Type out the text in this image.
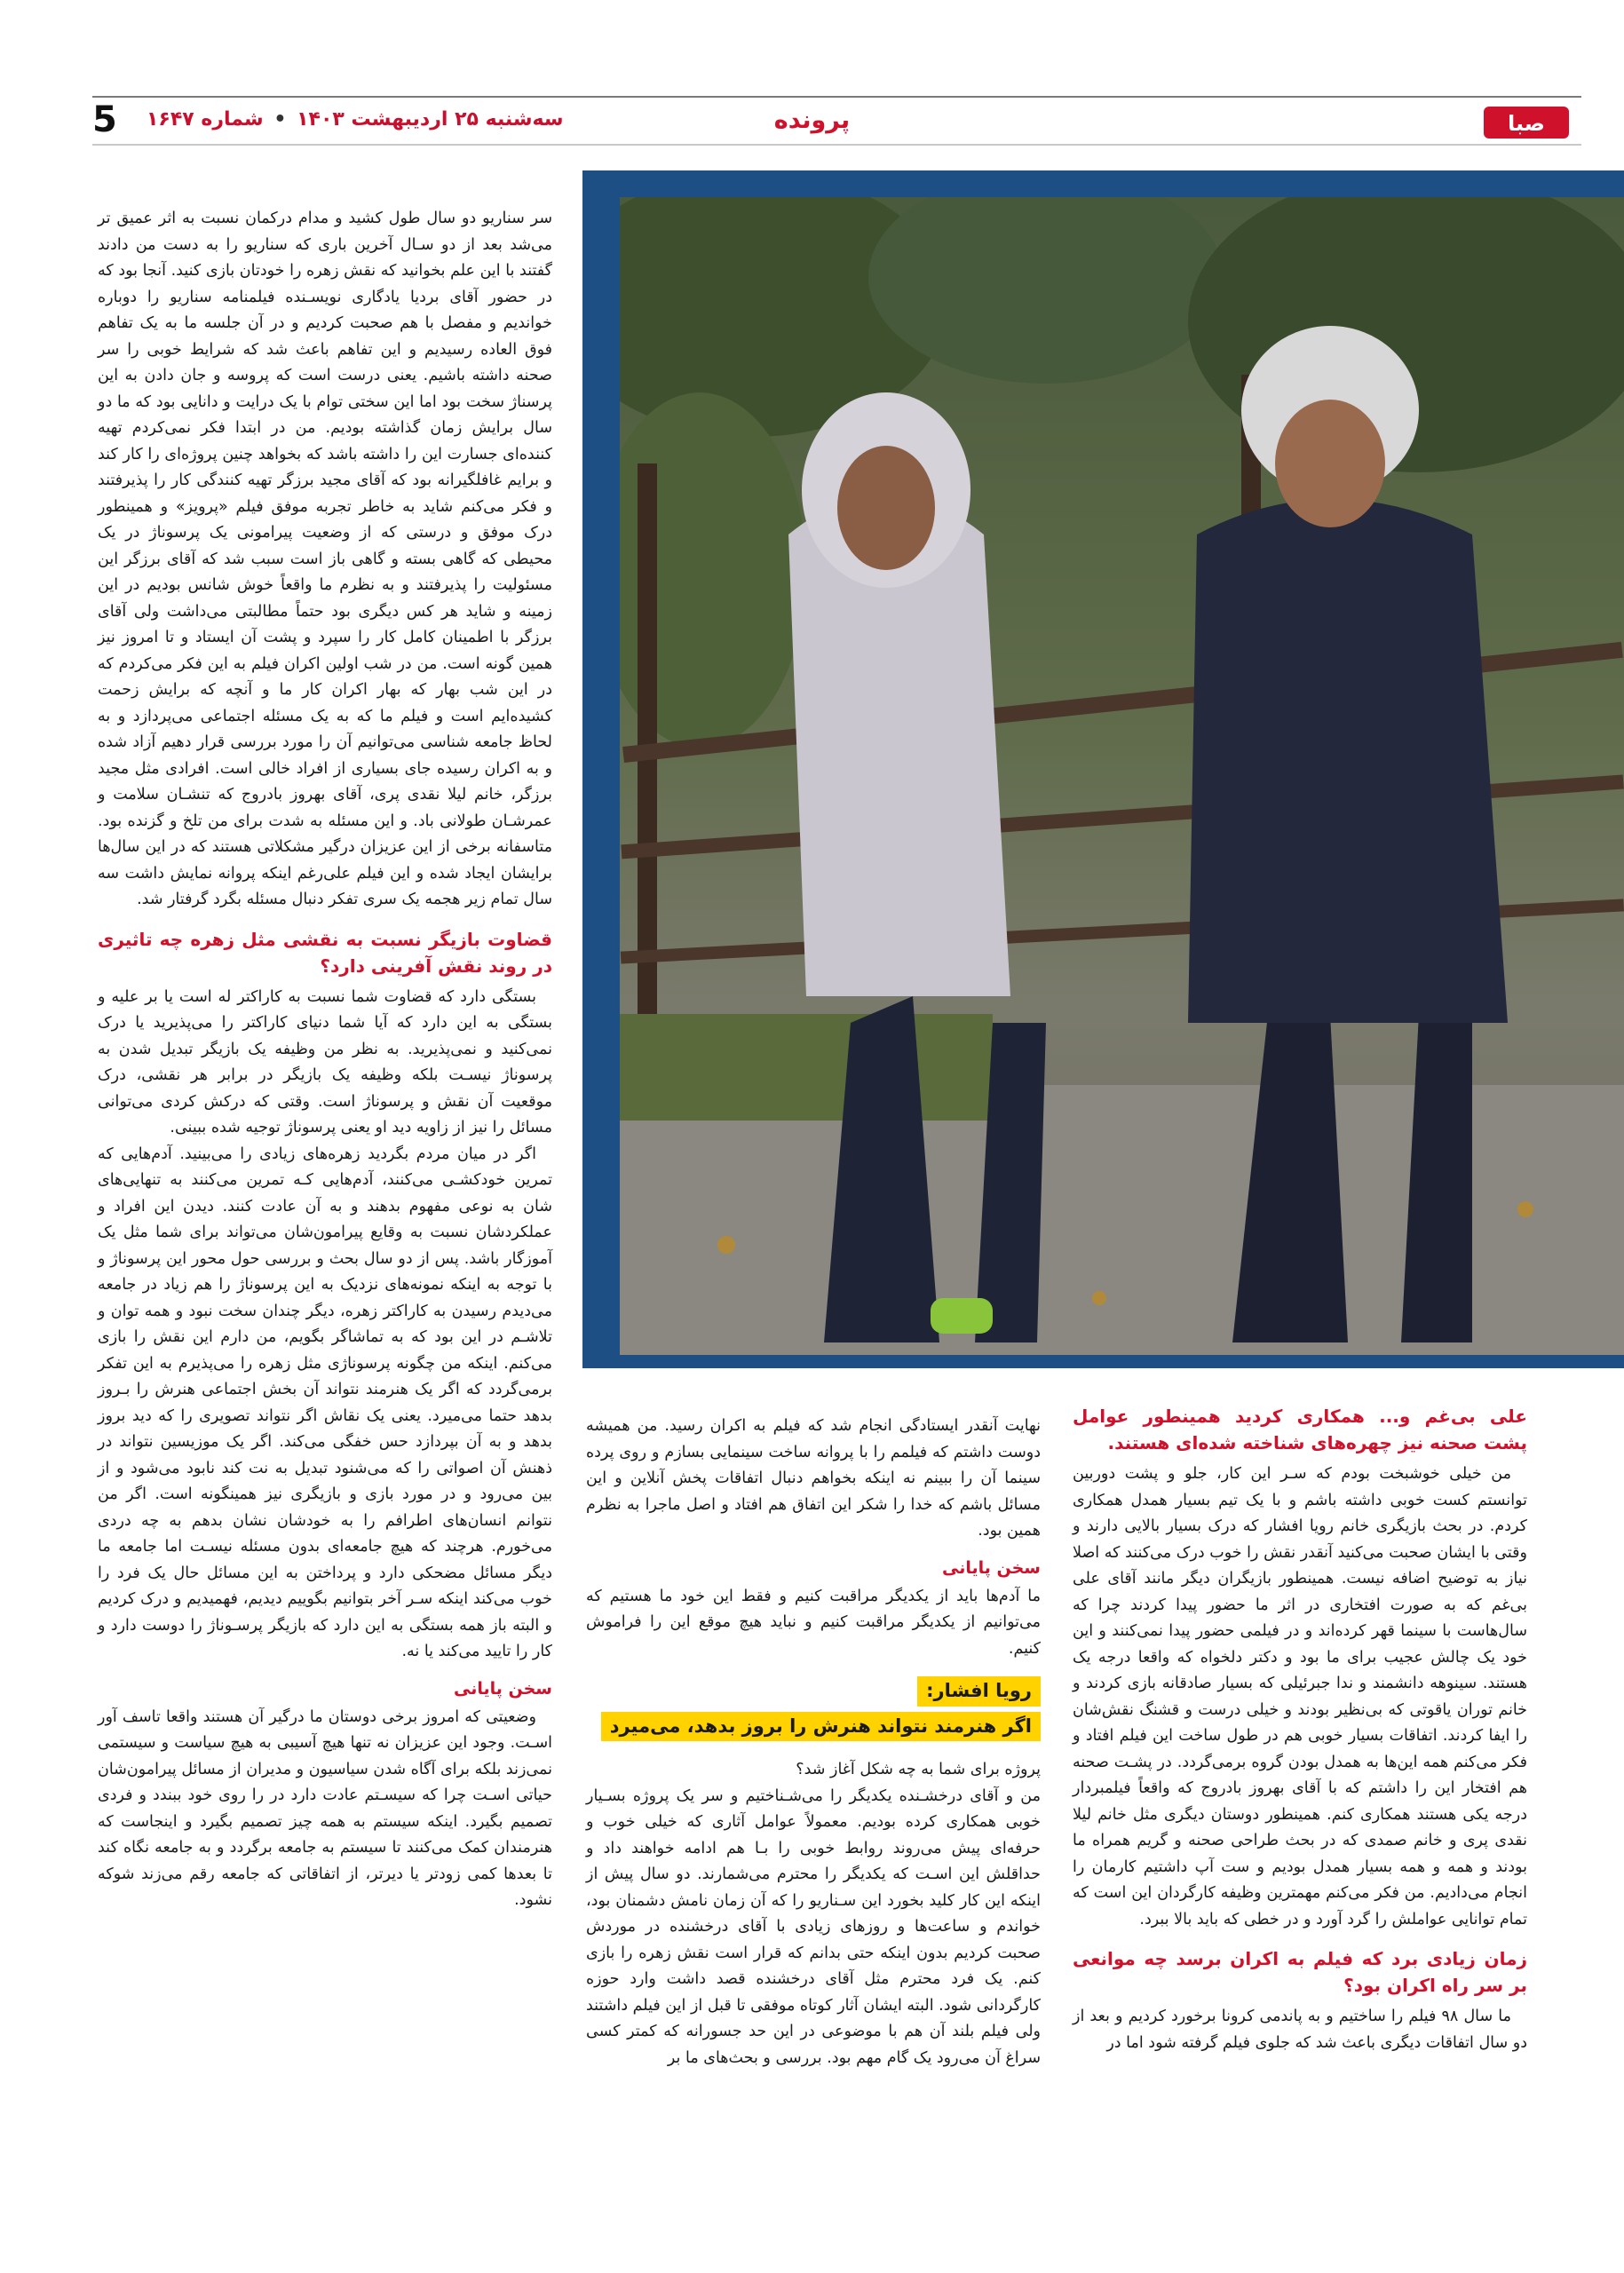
صبا
پرونده
سه‌شنبه ۲۵ اردیبهشت ۱۴۰۳ • شماره ۱۶۴۷
5

سر سناریو دو سال طول کشید و مدام درکمان نسبت به اثر عمیق تر می‌شد بعد از دو سـال آخرین باری که سناریو را به دست من دادند گفتند با این علم بخوانید که نقش زهره را خودتان بازی کنید. آنجا بود که در حضور آقای بردیا یادگاری نویسـنده فیلمنامه سناریو را دوباره خواندیم و مفصل با هم صحبت کردیم و در آن جلسه ما به یک تفاهم فوق العاده رسیدیم و این تفاهم باعث شد که شرایط خوبی را سر صحنه داشته باشیم. یعنی درست است که پروسه و جان دادن به این پرسناژ سخت بود اما این سختی توام با یک درایت و دانایی بود که ما دو سال برایش زمان گذاشته بودیم. من در ابتدا فکر نمی‌کردم تهیه کننده‌ای جسارت این را داشته باشد که بخواهد چنین پروژه‌ای را کار کند و برایم غافلگیرانه بود که آقای مجید برزگر تهیه کنندگی کار را پذیرفتند و فکر می‌کنم شاید به خاطر تجربه موفق فیلم «پرویز» و همینطور درک موفق و درستی که از وضعیت پیرامونی یک پرسوناژ در یک محیطی که گاهی بسته و گاهی باز است سبب شد که آقای برزگر این مسئولیت را پذیرفتند و به نظرم ما واقعاً خوش شانس بودیم در این زمینه و شاید هر کس دیگری بود حتماً مطالبتی می‌داشت ولی آقای برزگر با اطمینان کامل کار را سپرد و پشت آن ایستاد و تا امروز نیز همین گونه است. من در شب اولین اکران فیلم به این فکر می‌کردم که در این شب بهار که بهار اکران کار ما و آنچه که برایش زحمت کشیده‌ایم است و فیلم ما که به یک مسئله اجتماعی می‌پردازد و به لحاظ جامعه شناسی می‌توانیم آن را مورد بررسی قرار دهیم آزاد شده و به اکران رسیده جای بسیاری از افراد خالی است. افرادی مثل مجید برزگر، خانم لیلا نقدی پری، آقای بهروز بادروج که تنشـان سلامت و عمرشـان طولانی باد. و این مسئله به شدت برای من تلخ و گزنده بود. متاسفانه برخی از این عزیزان درگیر مشکلاتی هستند که در این سال‌ها برایشان ایجاد شده و این فیلم علی‌رغم اینکه پروانه نمایش داشت سه سال تمام زیر هجمه یک سری تفکر دنبال مسئله بگرد گرفتار شد.

قضاوت بازیگر نسبت به نقشی مثل زهره چه تاثیری در روند نقش آفرینی دارد؟

بستگی دارد که قضاوت شما نسبت به کاراکتر له است یا بر علیه و بستگی به این دارد که آیا شما دنیای کاراکتر را می‌پذیرید یا درک نمی‌کنید و نمی‌پذیرید. به نظر من وظیفه یک بازیگر تبدیل شدن به پرسوناژ نیسـت بلکه وظیفه یک بازیگر در برابر هر نقشی، درک موقعیت آن نقش و پرسوناژ است. وقتی که درکش کردی می‌توانی مسائل را نیز از زاویه دید او یعنی پرسوناژ توجیه شده ببینی.

اگر در میان مردم بگردید زهره‌های زیادی را می‌بینید. آدم‌هایی که تمرین خودکشـی می‌کنند، آدم‌هایی کـه تمرین می‌کنند به تنهایی‌های شان به نوعی مفهوم بدهند و به آن عادت کنند. دیدن این افراد و عملکردشان نسبت به وقایع پیرامون‌شان می‌تواند برای شما مثل یک آموزگار باشد. پس از دو سال بحث و بررسی حول محور این پرسوناژ و با توجه به اینکه نمونه‌های نزدیک به این پرسوناژ را هم زیاد در جامعه می‌دیدم رسیدن به کاراکتر زهره، دیگر چندان سخت نبود و همه توان و تلاشـم در این بود که به تماشاگر بگویم، من دارم این نقش را بازی می‌کنم. اینکه من چگونه پرسوناژی مثل زهره را می‌پذیرم به این تفکر برمی‌گردد که اگر یک هنرمند نتواند آن بخش اجتماعی هنرش را بـروز بدهد حتما می‌میرد. یعنی یک نقاش اگر نتواند تصویری را که دید بروز بدهد و به آن بپردازد حس خفگی می‌کند. اگر یک موزیسین نتواند در ذهنش آن اصواتی را که می‌شنود تبدیل به نت کند نابود می‌شود و از بین می‌رود و در مورد بازی و بازیگری نیز همینگونه است. اگر من نتوانم انسان‌های اطرافم را به خودشان نشان بدهم به چه دردی می‌خورم. هرچند که هیچ جامعه‌ای بدون مسئله نیسـت اما جامعه ما دیگر مسائل مضحکی دارد و پرداختن به این مسائل حال یک فرد را خوب می‌کند اینکه سـر آخر بتوانیم بگوییم دیدیم، فهمیدیم و درک کردیم و البته باز همه بستگی به این دارد که بازیگر پرسـوناژ را دوست دارد و کار را تایید می‌کند یا نه.

سخن پایانی

وضعیتی که امروز برخی دوستان ما درگیر آن هستند واقعا تاسف آور اسـت. وجود این عزیزان نه تنها هیچ آسیبی به هیچ سیاست و سیستمی نمی‌زند بلکه برای آگاه شدن سیاسیون و مدیران از مسائل پیرامون‌شان حیاتی اسـت چرا که سیسـتم عادت دارد در را روی خود ببندد و فردی تصمیم بگیرد. اینکه سیستم به همه چیز تصمیم بگیرد و اینجاست که هنرمندان کمک می‌کنند تا سیستم به جامعه برگردد و به جامعه نگاه کند تا بعدها کمی زودتر یا دیرتر، از اتفاقاتی که جامعه رقم می‌زند شوکه نشود.

نهایت آنقدر ایستادگی انجام شد که فیلم به اکران رسید. من همیشه دوست داشتم که فیلمم را با پروانه ساخت سینمایی بسازم و روی پرده سینما آن را ببینم نه اینکه بخواهم دنبال اتفاقات پخش آنلاین و این مسائل باشم که خدا را شکر این اتفاق هم افتاد و اصل ماجرا به نظرم همین بود.

سخن پایانی

ما آدم‌ها باید از یکدیگر مراقبت کنیم و فقط این خود ما هستیم که می‌توانیم از یکدیگر مراقبت کنیم و نباید هیچ موقع این را فراموش کنیم.

رویا افشار:
اگر هنرمند نتواند هنرش را بروز بدهد، می‌میرد

پروژه برای شما به چه شکل آغاز شد؟

من و آقای درخشـنده یکدیگر را می‌شـناختیم و سر یک پروژه بسـیار خوبی همکاری کرده بودیم. معمولاً عوامل آثاری که خیلی خوب و حرفه‌ای پیش می‌روند روابط خوبی را بـا هم ادامه خواهند داد و حداقلش این اسـت که یکدیگر را محترم می‌شمارند. دو سال پیش از اینکه این کار کلید بخورد این سـناریو را که آن زمان نامش دشمنان بود، خواندم و ساعت‌ها و روزهای زیادی با آقای درخشنده در موردش صحبت کردیم بدون اینکه حتی بدانم که قرار است نقش زهره را بازی کنم. یک فرد محترم مثل آقای درخشنده قصد داشت وارد حوزه کارگردانی شود. البته ایشان آثار کوتاه موفقی تا قبل از این فیلم داشتند ولی فیلم بلند آن هم با موضوعی در این حد جسورانه که کمتر کسی سراغ آن می‌رود یک گام مهم بود. بررسی و بحث‌های ما بر

علی بی‌غم و... همکاری کردید همینطور عوامل پشت صحنه نیز چهره‌های شناخته شده‌ای هستند.

من خیلی خوشبخت بودم که سـر این کار، جلو و پشت دوربین توانستم کست خوبی داشته باشم و با یک تیم بسیار همدل همکاری کردم. در بحث بازیگری خانم رویا افشار که درک بسیار بالایی دارند و وقتی با ایشان صحبت می‌کنید آنقدر نقش را خوب درک می‌کنند که اصلا نیاز به توضیح اضافه نیست. همینطور بازیگران دیگر مانند آقای علی بی‌غم که به صورت افتخاری در اثر ما حضور پیدا کردند چرا که سال‌هاست با سینما قهر کرده‌اند و در فیلمی حضور پیدا نمی‌کنند و این خود یک چالش عجیب برای ما بود و دکتر دلخواه که واقعا درجه یک هستند. سینوهه دانشمند و ندا جبرئیلی که بسیار صادقانه بازی کردند و خانم توران یاقوتی که بی‌نظیر بودند و خیلی درست و قشنگ نقش‌شان را ایفا کردند. اتفاقات بسیار خوبی هم در طول ساخت این فیلم افتاد و فکر می‌کنم همه این‌ها به همدل بودن گروه برمی‌گردد. در پشـت صحنه هم افتخار این را داشتم که با آقای بهروز بادروج که واقعاً فیلمبردار درجه یکی هستند همکاری کنم. همینطور دوستان دیگری مثل خانم لیلا نقدی پری و خانم صمدی که در بحث طراحی صحنه و گریم همراه ما بودند و همه و همه بسیار همدل بودیم و ست آپ داشتیم کارمان را انجام می‌دادیم. من فکر می‌کنم مهمترین وظیفه کارگردان این است که تمام توانایی عواملش را گرد آورد و در خطی که باید بالا ببرد.

زمان زیادی برد که فیلم به اکران برسد چه موانعی بر سر راه اکران بود؟

ما سال ۹۸ فیلم را ساختیم و به پاندمی کرونا برخورد کردیم و بعد از دو سال اتفاقات دیگری باعث شد که جلوی فیلم گرفته شود اما در
